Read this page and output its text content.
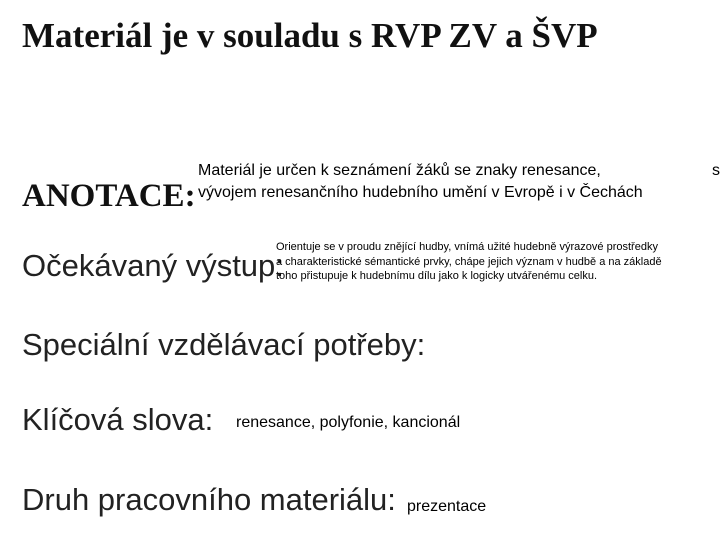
Materiál je v souladu s RVP ZV a ŠVP
ANOTACE:
Materiál je určen k seznámení žáků se znaky renesance,
vývojem renesančního hudebního umění v Evropě i v Čechách
s
Očekávaný výstup:
Orientuje se v proudu znějící hudby, vnímá užité hudebně výrazové prostředky
a charakteristické sémantické prvky, chápe jejich význam v hudbě a na základě
toho přistupuje k hudebnímu dílu jako k logicky utvářenému celku.
Speciální vzdělávací potřeby:
Klíčová slova: renesance, polyfonie, kancionál
Druh pracovního materiálu: prezentace
